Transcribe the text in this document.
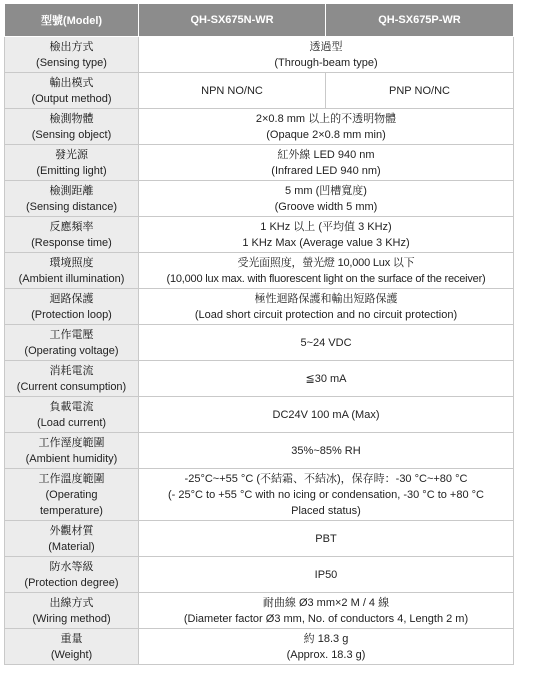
型號(Model)	QH-SX675N-WR	QH-SX675P-WR

檢出方式
(Sensing type)	透過型
(Through-beam type)	

輸出模式
(Output method)	NPN NO/NC	PNP NO/NC

檢測物體
(Sensing object)	2×0.8 mm 以上的不透明物體
(Opaque 2×0.8 mm min)	

發光源
(Emitting light)	紅外線 LED 940 nm
(Infrared LED 940 nm)	

檢測距離
(Sensing distance)	5 mm (凹槽寬度)
(Groove width 5 mm)	

反應頻率
(Response time)	1 KHz 以上 (平均值 3 KHz)
1 KHz Max (Average value 3 KHz)	

環境照度
(Ambient illumination)	受光面照度，螢光燈 10,000 Lux 以下
(10,000 lux max. with fluorescent light on the surface of the receiver)	

迴路保護
(Protection loop)	極性迴路保護和輸出短路保護
(Load short circuit protection and no circuit protection)	

工作電壓
(Operating voltage)	5~24 VDC	

消耗電流
(Current consumption)	≦30 mA	

負載電流
(Load current)	DC24V 100 mA (Max)	

工作溼度範圍
(Ambient humidity)	35%~85% RH	

工作溫度範圍
(Operating
temperature)	-25°C~+55 °C (不結霜、不結冰)，保存時：-30 °C~+80 °C
(- 25°C to +55 °C with no icing or condensation, -30 °C to +80 °C
Placed status)	

外觀材質
(Material)	PBT	

防水等級
(Protection degree)	IP50	

出線方式
(Wiring method)	耐曲線 Ø3 mm×2 M / 4 線
(Diameter factor Ø3 mm, No. of conductors 4, Length 2 m)	

重量
(Weight)	約 18.3 g
(Approx. 18.3 g)	
